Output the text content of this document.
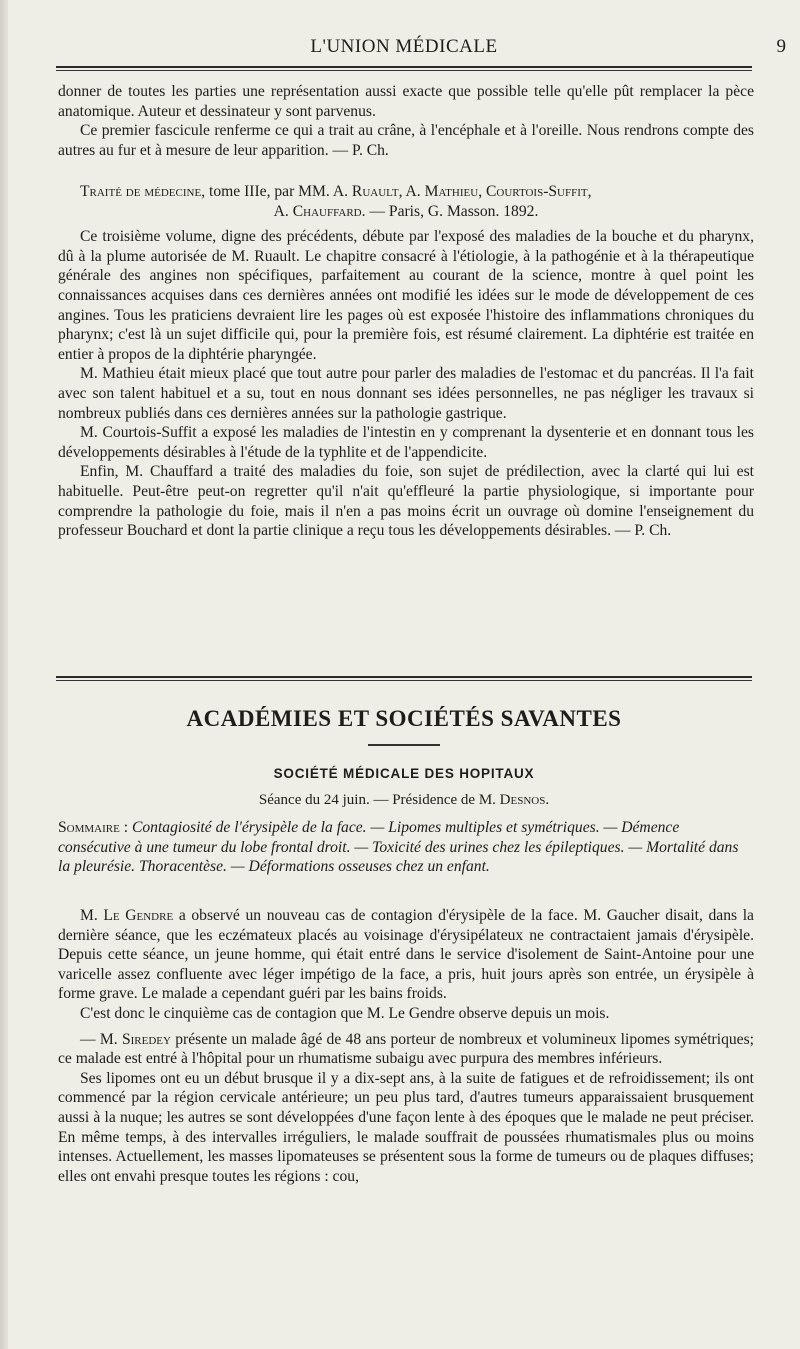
L'UNION MÉDICALE	9

donner de toutes les parties une représentation aussi exacte que possible telle qu'elle pût remplacer la pèce anatomique. Auteur et dessinateur y sont parvenus.

Ce premier fascicule renferme ce qui a trait au crâne, à l'encéphale et à l'oreille. Nous rendrons compte des autres au fur et à mesure de leur apparition. — P. Ch.

Traité de médecine, tome IIIe, par MM. A. Ruault, A. Mathieu, Courtois-Suffit,

A. Chauffard. — Paris, G. Masson. 1892.

Ce troisième volume, digne des précédents, débute par l'exposé des maladies de la bouche et du pharynx, dû à la plume autorisée de M. Ruault. Le chapitre consacré à l'étiologie, à la pathogénie et à la thérapeutique générale des angines non spécifiques, parfaitement au courant de la science, montre à quel point les connaissances acquises dans ces dernières années ont modifié les idées sur le mode de développement de ces angines. Tous les praticiens devraient lire les pages où est exposée l'histoire des inflammations chroniques du pharynx; c'est là un sujet difficile qui, pour la première fois, est résumé clairement. La diphtérie est traitée en entier à propos de la diphtérie pharyngée.

M. Mathieu était mieux placé que tout autre pour parler des maladies de l'estomac et du pancréas. Il l'a fait avec son talent habituel et a su, tout en nous donnant ses idées personnelles, ne pas négliger les travaux si nombreux publiés dans ces dernières années sur la pathologie gastrique.

M. Courtois-Suffit a exposé les maladies de l'intestin en y comprenant la dysenterie et en donnant tous les développements désirables à l'étude de la typhlite et de l'appendicite.

Enfin, M. Chauffard a traité des maladies du foie, son sujet de prédilection, avec la clarté qui lui est habituelle. Peut-être peut-on regretter qu'il n'ait qu'effleuré la partie physiologique, si importante pour comprendre la pathologie du foie, mais il n'en a pas moins écrit un ouvrage où domine l'enseignement du professeur Bouchard et dont la partie clinique a reçu tous les développements désirables. — P. Ch.

ACADÉMIES ET SOCIÉTÉS SAVANTES
SOCIÉTÉ MÉDICALE DES HOPITAUX
Séance du 24 juin. — Présidence de M. Desnos.

Sommaire : Contagiosité de l'érysipèle de la face. — Lipomes multiples et symétriques. — Démence consécutive à une tumeur du lobe frontal droit. — Toxicité des urines chez les épileptiques. — Mortalité dans la pleurésie. Thoracentèse. — Déformations osseuses chez un enfant.

M. Le Gendre a observé un nouveau cas de contagion d'érysipèle de la face. M. Gaucher disait, dans la dernière séance, que les eczémateux placés au voisinage d'érysipélateux ne contractaient jamais d'érysipèle. Depuis cette séance, un jeune homme, qui était entré dans le service d'isolement de Saint-Antoine pour une varicelle assez confluente avec léger impétigo de la face, a pris, huit jours après son entrée, un érysipèle à forme grave. Le malade a cependant guéri par les bains froids.

C'est donc le cinquième cas de contagion que M. Le Gendre observe depuis un mois.

— M. Siredey présente un malade âgé de 48 ans porteur de nombreux et volumineux lipomes symétriques; ce malade est entré à l'hôpital pour un rhumatisme subaigu avec purpura des membres inférieurs.

Ses lipomes ont eu un début brusque il y a dix-sept ans, à la suite de fatigues et de refroidissement; ils ont commencé par la région cervicale antérieure; un peu plus tard, d'autres tumeurs apparaissaient brusquement aussi à la nuque; les autres se sont développées d'une façon lente à des époques que le malade ne peut préciser. En même temps, à des intervalles irréguliers, le malade souffrait de poussées rhumatismales plus ou moins intenses. Actuellement, les masses lipomateuses se présentent sous la forme de tumeurs ou de plaques diffuses; elles ont envahi presque toutes les régions : cou,
